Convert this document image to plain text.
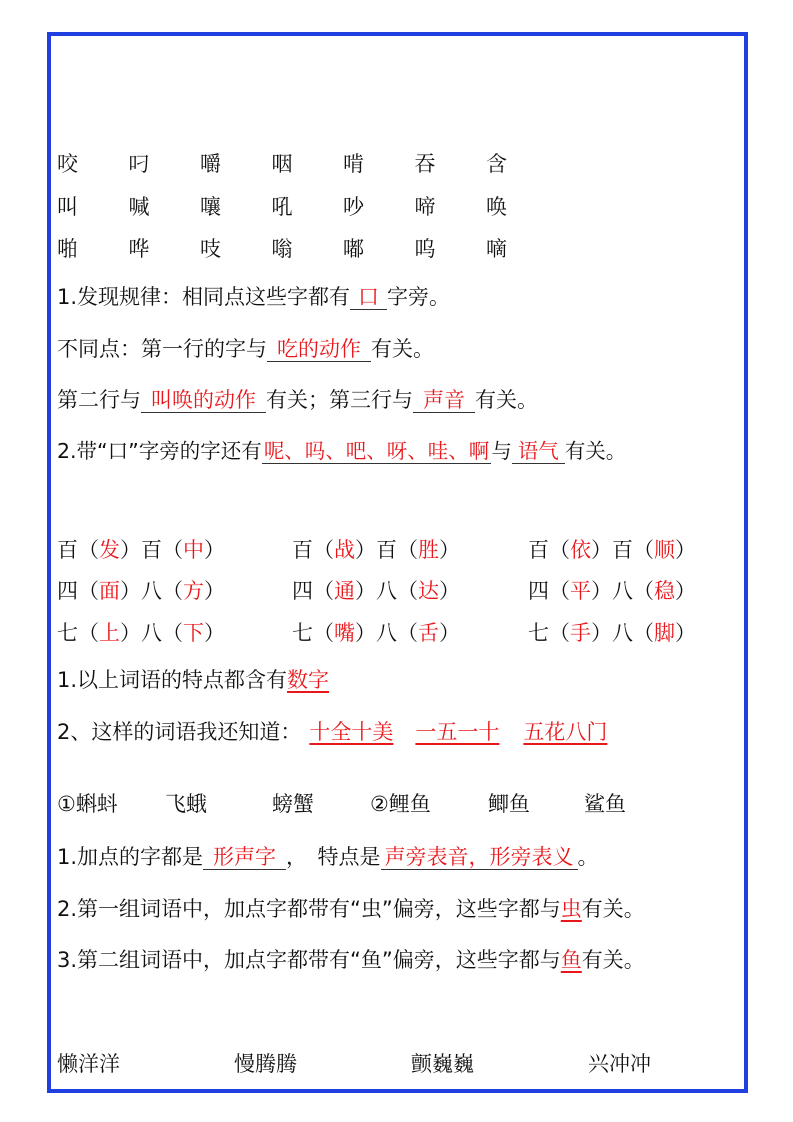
咬 叼 嚼 咽 啃 吞 含
叫 喊 嚷 吼 吵 啼 唤
啪 哗 吱 嗡 嘟 呜 嘀
1.发现规律：相同点这些字都有 口 字旁。
不同点：第一行的字与 吃的动作 有关。
第二行与 叫唤的动作 有关；第三行与 声音 有关。
2.带“口”字旁的字还有呢、吗、吧、呀、哇、啊与 语气 有关。
百（发）百（中）	百（战）百（胜）	百（依）百（顺）
四（面）八（方）	四（通）八（达）	四（平）八（稳）
七（上）八（下）	七（嘴）八（舌）	七（手）八（脚）
1.以上词语的特点都含有数字
2、这样的词语我还知道： 十全十美 一五一十 五花八门
①蝌蚪 飞蛾	螃蟹	②鲤鱼	鲫鱼	鲨鱼
1.加点的字都是 形声字 ，　特点是 声旁表音，形旁表义 。
2.第一组词语中，加点字都带有“虫”偏旁，这些字都与虫有关。
3.第二组词语中，加点字都带有“鱼”偏旁，这些字都与鱼有关。
懒洋洋	慢腾腾	颤巍巍	兴冲冲
